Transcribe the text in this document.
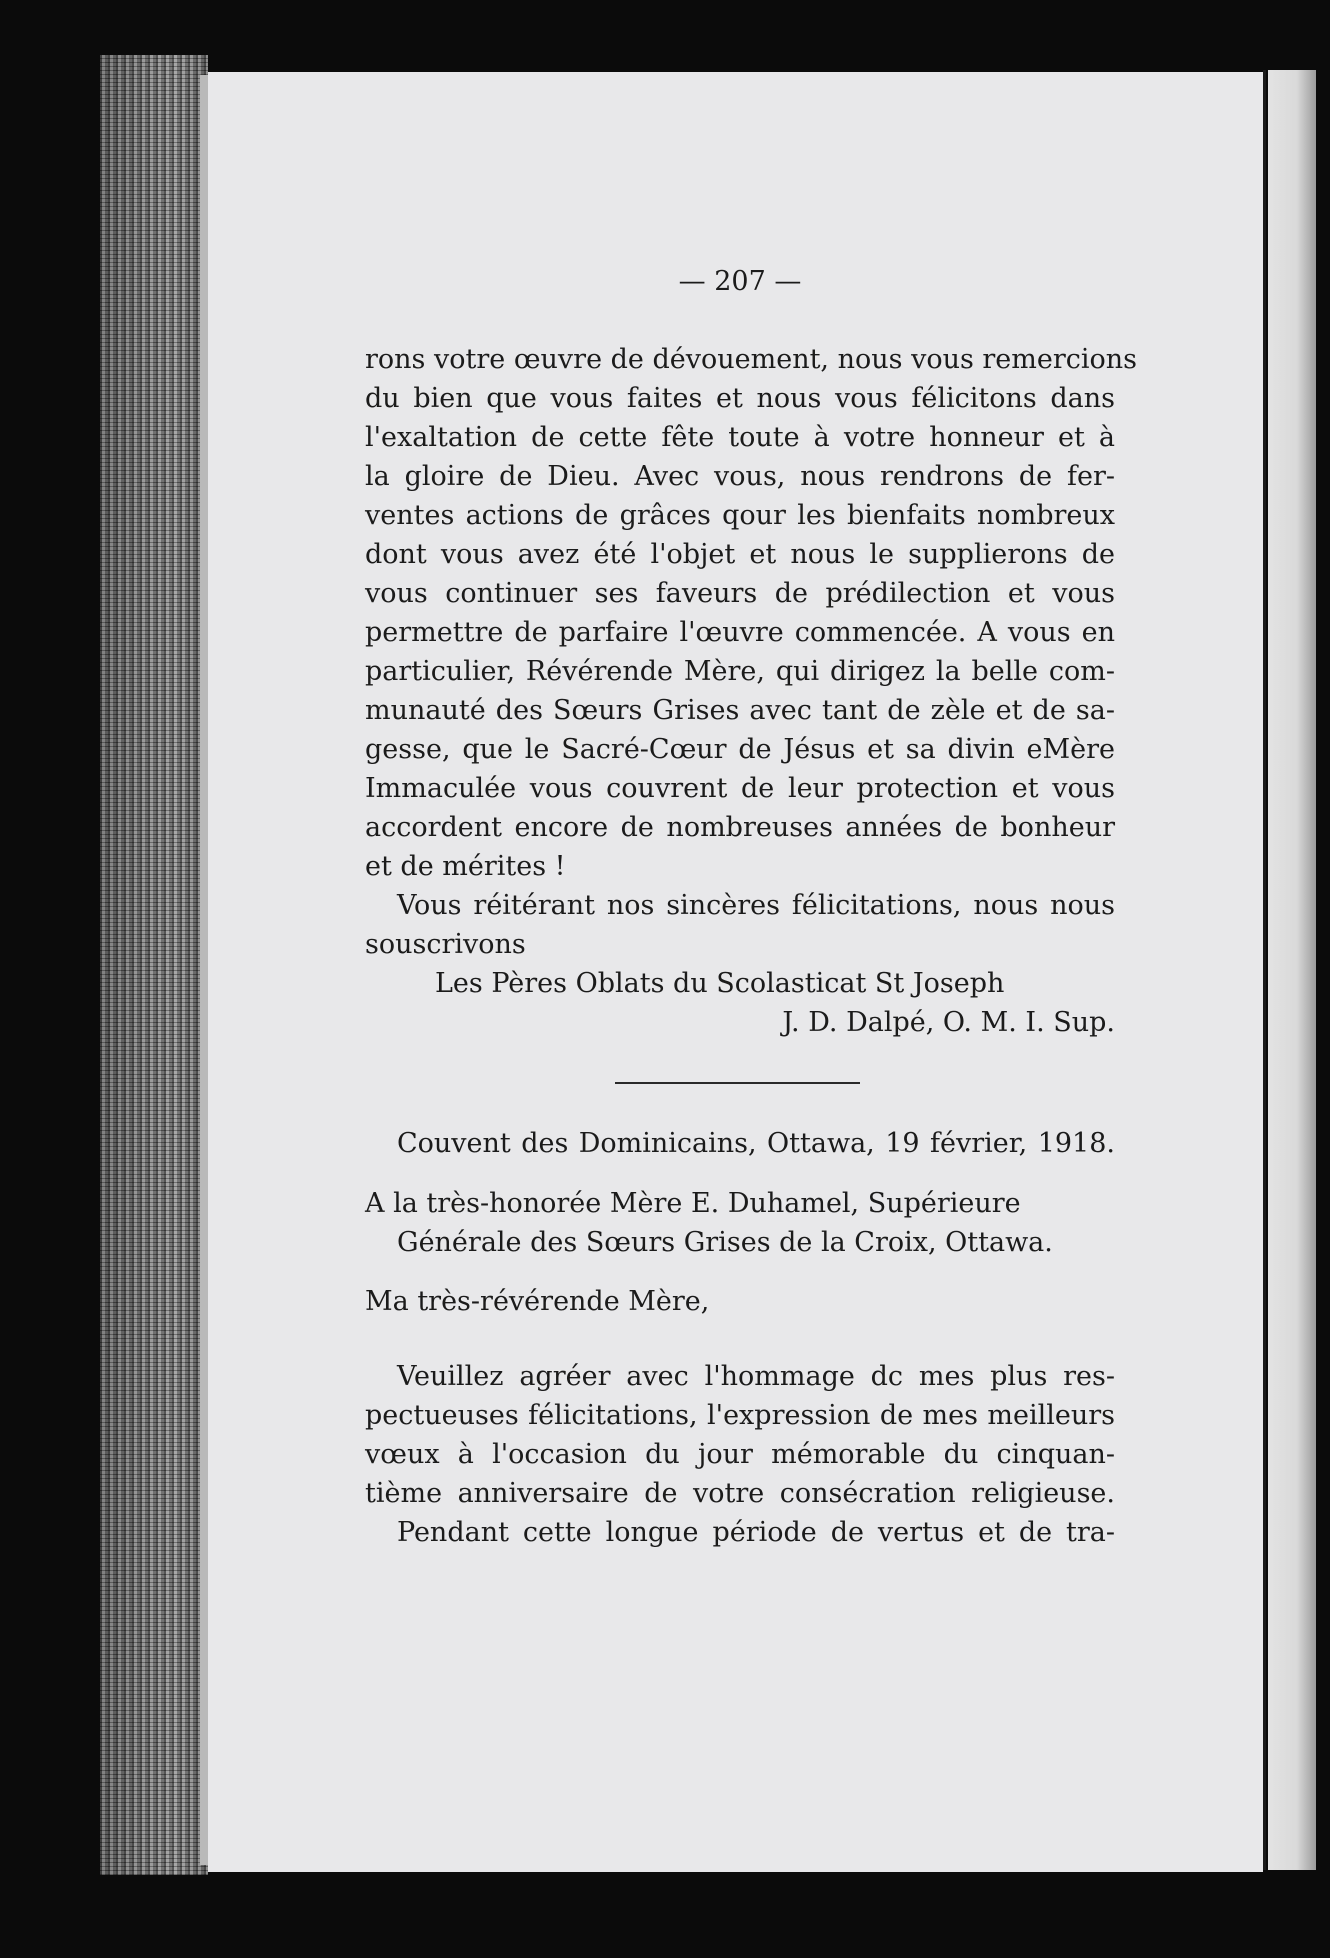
— 207 —
rons votre œuvre de dévouement, nous vous remercions
du bien que vous faites et nous vous félicitons dans
l'exaltation de cette fête toute à votre honneur et à
la gloire de Dieu. Avec vous, nous rendrons de fer-
ventes actions de grâces qour les bienfaits nombreux
dont vous avez été l'objet et nous le supplierons de
vous continuer ses faveurs de prédilection et vous
permettre de parfaire l'œuvre commencée. A vous en
particulier, Révérende Mère, qui dirigez la belle com-
munauté des Sœurs Grises avec tant de zèle et de sa-
gesse, que le Sacré-Cœur de Jésus et sa divin eMère
Immaculée vous couvrent de leur protection et vous
accordent encore de nombreuses années de bonheur
et de mérites !
Vous réitérant nos sincères félicitations, nous nous
souscrivons
Les Pères Oblats du Scolasticat St Joseph
J. D. Dalpé, O. M. I. Sup.
Couvent des Dominicains, Ottawa, 19 février, 1918.
A la très-honorée Mère E. Duhamel, Supérieure
Générale des Sœurs Grises de la Croix, Ottawa.
Ma très-révérende Mère,
Veuillez agréer avec l'hommage dc mes plus res-
pectueuses félicitations, l'expression de mes meilleurs
vœux à l'occasion du jour mémorable du cinquan-
tième anniversaire de votre consécration religieuse.
Pendant cette longue période de vertus et de tra-
